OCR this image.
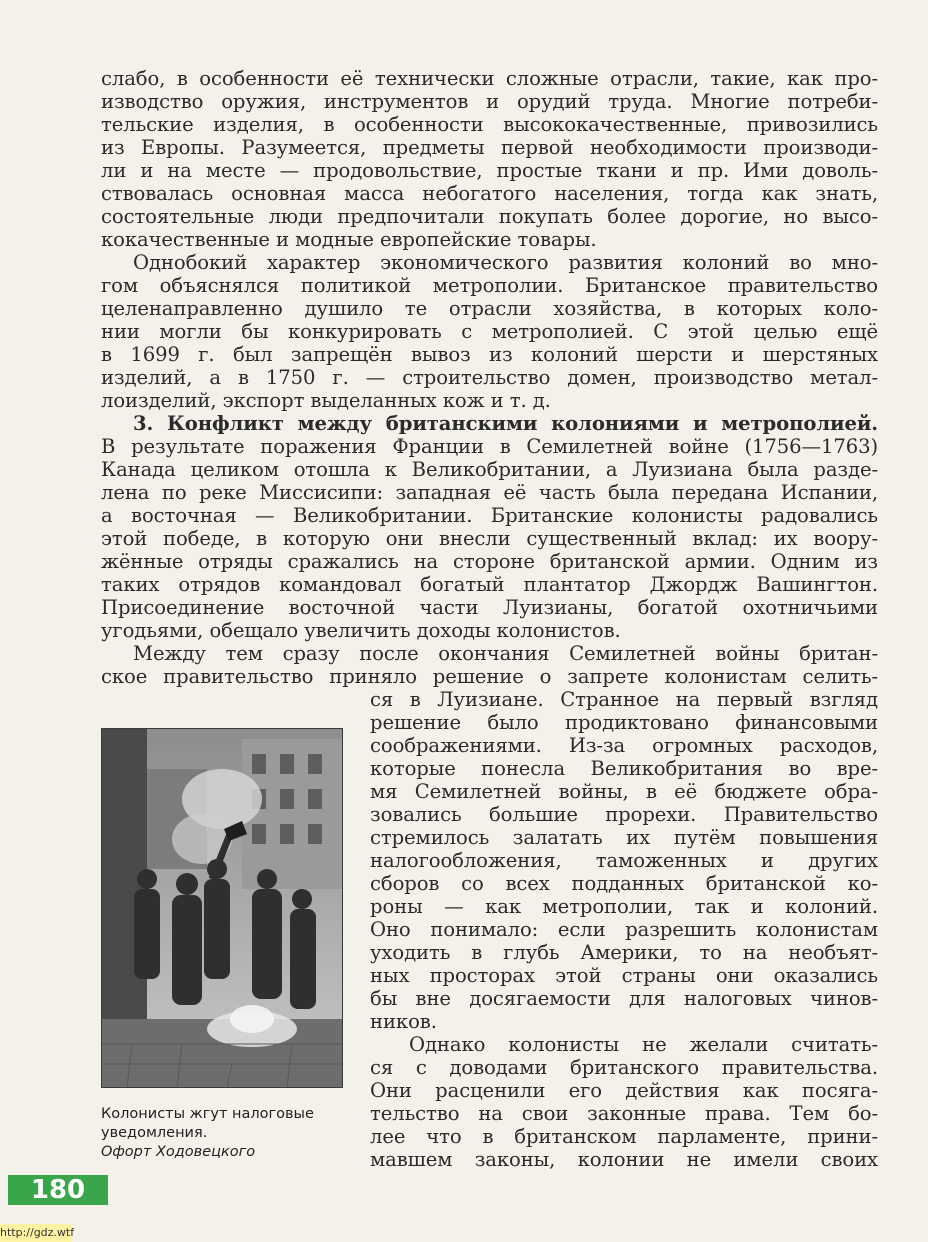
слабо, в особенности её технически сложные отрасли, такие, как про-
изводство оружия, инструментов и орудий труда. Многие потреби-
тельские изделия, в особенности высококачественные, привозились
из Европы. Разумеется, предметы первой необходимости производи-
ли и на месте — продовольствие, простые ткани и пр. Ими доволь-
ствовалась основная масса небогатого населения, тогда как знать,
состоятельные люди предпочитали покупать более дорогие, но высо-
кокачественные и модные европейские товары.
Однобокий характер экономического развития колоний во мно-
гом объяснялся политикой метрополии. Британское правительство
целенаправленно душило те отрасли хозяйства, в которых коло-
нии могли бы конкурировать с метрополией. С этой целью ещё
в 1699 г. был запрещён вывоз из колоний шерсти и шерстяных
изделий, а в 1750 г. — строительство домен, производство метал-
лоизделий, экспорт выделанных кож и т. д.
3. Конфликт между британскими колониями и метрополией.
В результате поражения Франции в Семилетней войне (1756—1763)
Канада целиком отошла к Великобритании, а Луизиана была разде-
лена по реке Миссисипи: западная её часть была передана Испании,
а восточная — Великобритании. Британские колонисты радовались
этой победе, в которую они внесли существенный вклад: их воору-
жённые отряды сражались на стороне британской армии. Одним из
таких отрядов командовал богатый плантатор Джордж Вашингтон.
Присоединение восточной части Луизианы, богатой охотничьими
угодьями, обещало увеличить доходы колонистов.
Между тем сразу после окончания Семилетней войны британ-
ское правительство приняло решение о запрете колонистам селить-
ся в Луизиане. Странное на первый взгляд
решение было продиктовано финансовыми
соображениями. Из-за огромных расходов,
которые понесла Великобритания во вре-
мя Семилетней войны, в её бюджете обра-
зовались большие прорехи. Правительство
стремилось залатать их путём повышения
налогообложения, таможенных и других
сборов со всех подданных британской ко-
роны — как метрополии, так и колоний.
Оно понимало: если разрешить колонистам
уходить в глубь Америки, то на необъят-
ных просторах этой страны они оказались
бы вне досягаемости для налоговых чинов-
ников.
Однако колонисты не желали считать-
ся с доводами британского правительства.
Они расценили его действия как посяга-
тельство на свои законные права. Тем бо-
лее что в британском парламенте, прини-
мавшем законы, колонии не имели своих
Колонисты жгут налоговые
уведомления.
Офорт Ходовецкого
180
http://gdz.wtf
